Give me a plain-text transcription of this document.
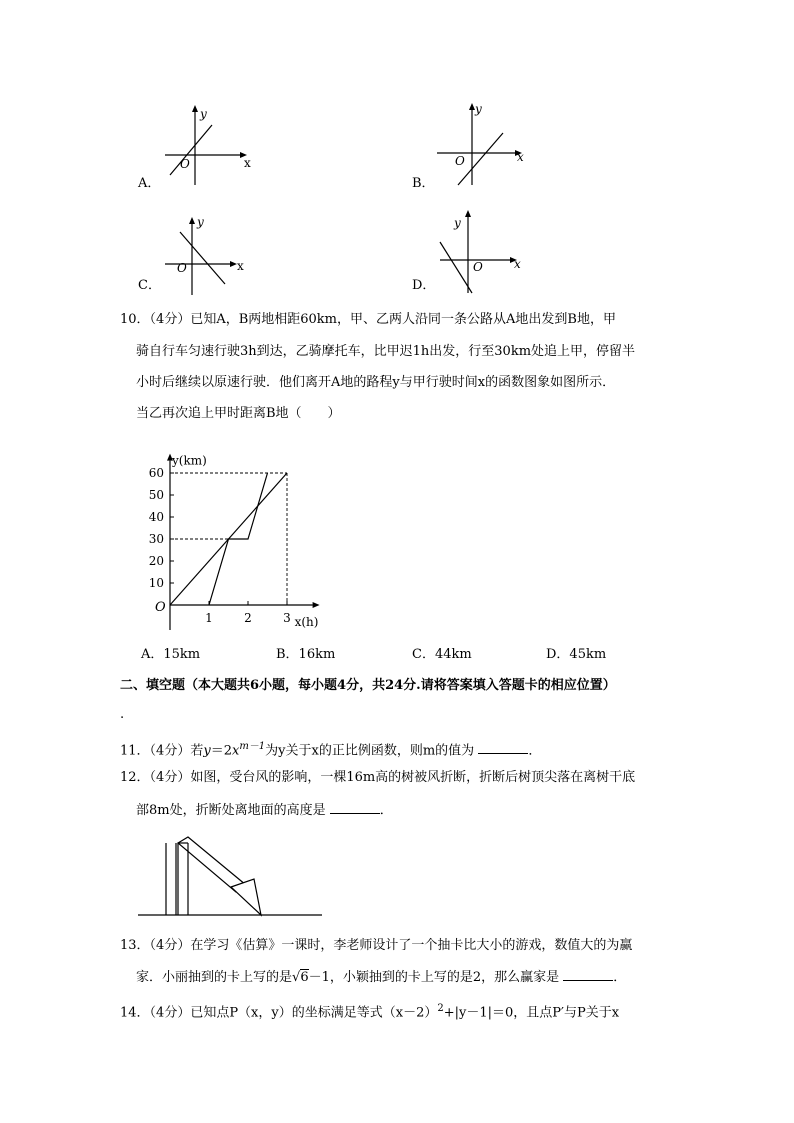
x
y
O
A．
x
y
O
B．
x
y
O
C．
x
y
O
D．
10．（4分）已知A，B两地相距60km，甲、乙两人沿同一条公路从A地出发到B地，甲
骑自行车匀速行驶3h到达，乙骑摩托车，比甲迟1h出发，行至30km处追上甲，停留半
小时后继续以原速行驶．他们离开A地的路程y与甲行驶时间x的函数图象如图所示．
当乙再次追上甲时距离B地（　　）
10
20
30
40
50
60
1	2	3
y(km)
x(h)
O
A．15km	B．16km	C．44km	D．45km
二、填空题（本大题共6小题，每小题4分，共24分.请将答案填入答题卡的相应位置）
.
11．（4分）若$y=2x^{m-1}$为y关于x的正比例函数，则m的值为	．
12．（4分）如图，受台风的影响，一棵16m高的树被风折断，折断后树顶尖落在离树干底
部8m处，折断处离地面的高度是	．
13．（4分）在学习《估算》一课时，李老师设计了一个抽卡比大小的游戏，数值大的为赢
家．小丽抽到的卡上写的是√6－1，小颖抽到的卡上写的是2，那么赢家是	．
14．（4分）已知点P（x，y）的坐标满足等式$(x-2)^2+|y-1|=0$，且点P′与P关于x
